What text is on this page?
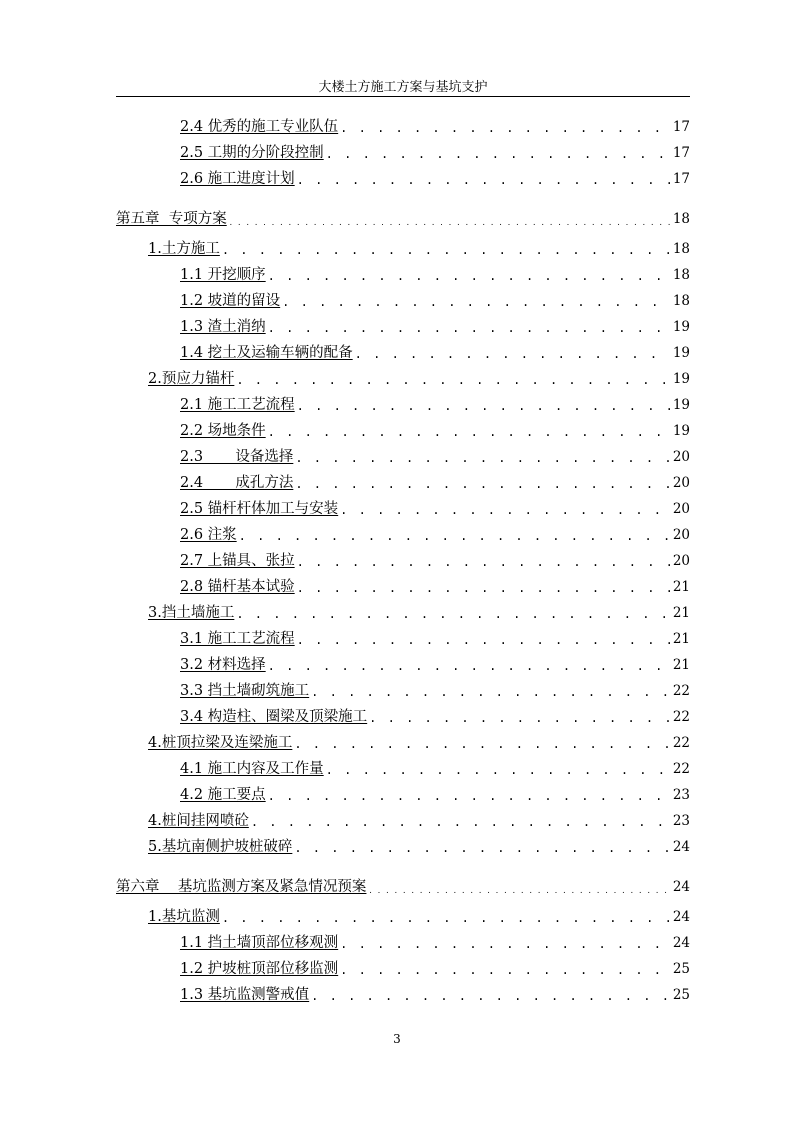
大楼土方施工方案与基坑支护
2.4 优秀的施工专业队伍 . . .	17
2.5 工期的分阶段控制 . . .	17
2.6 施工进度计划 . . .	17
第五章  专项方案 . . .	18
1.土方施工 . . .	18
1.1 开挖顺序 . . .	18
1.2 坡道的留设 . . .	18
1.3 渣土消纳 . . .	19
1.4 挖土及运输车辆的配备 . . .	19
2.预应力锚杆 . . .	19
2.1 施工工艺流程 . . .	19
2.2 场地条件 . . .	19
2.3       设备选择 . . .	20
2.4       成孔方法 . . .	20
2.5 锚杆杆体加工与安装 . . .	20
2.6 注浆 . . .	20
2.7 上锚具、张拉 . . .	20
2.8 锚杆基本试验 . . .	21
3.挡土墙施工 . . .	21
3.1 施工工艺流程 . . .	21
3.2 材料选择 . . .	21
3.3 挡土墙砌筑施工 . . .	22
3.4 构造柱、圈梁及顶梁施工 . . .	22
4.桩顶拉梁及连梁施工 . . .	22
4.1 施工内容及工作量 . . .	22
4.2 施工要点 . . .	23
4.桩间挂网喷砼 . . .	23
5.基坑南侧护坡桩破碎 . . .	24
第六章    基坑监测方案及紧急情况预案 . . .	24
1.基坑监测 . . .	24
1.1 挡土墙顶部位移观测 . . .	24
1.2 护坡桩顶部位移监测 . . .	25
1.3 基坑监测警戒值 . . .	25
3
